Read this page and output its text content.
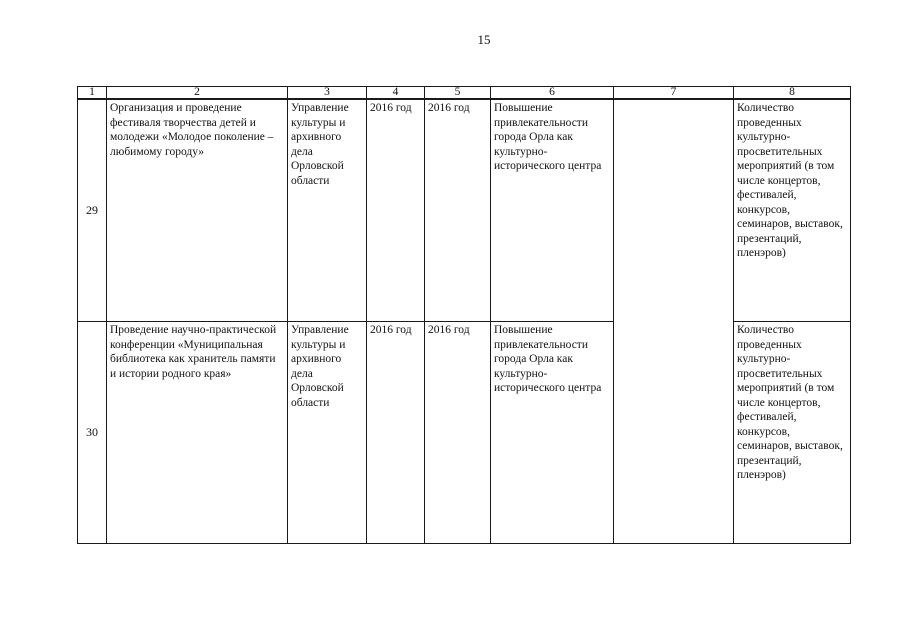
15
1	2	3	4	5	6	7	8
29	Организация и проведение фестиваля творчества детей и молодежи «Молодое поколение – любимому городу»	Управление культуры и архивного дела Орловской области	2016 год	2016 год	Повышение привлекательности города Орла как культурно-исторического центра		Количество проведенных культурно-просветительных мероприятий (в том числе концертов, фестивалей, конкурсов, семинаров, выставок, презентаций, пленэров)
30	Проведение научно-практической конференции «Муниципальная библиотека как хранитель памяти и истории родного края»	Управление культуры и архивного дела Орловской области	2016 год	2016 год	Повышение привлекательности города Орла как культурно-исторического центра		Количество проведенных культурно-просветительных мероприятий (в том числе концертов, фестивалей, конкурсов, семинаров, выставок, презентаций, пленэров)
